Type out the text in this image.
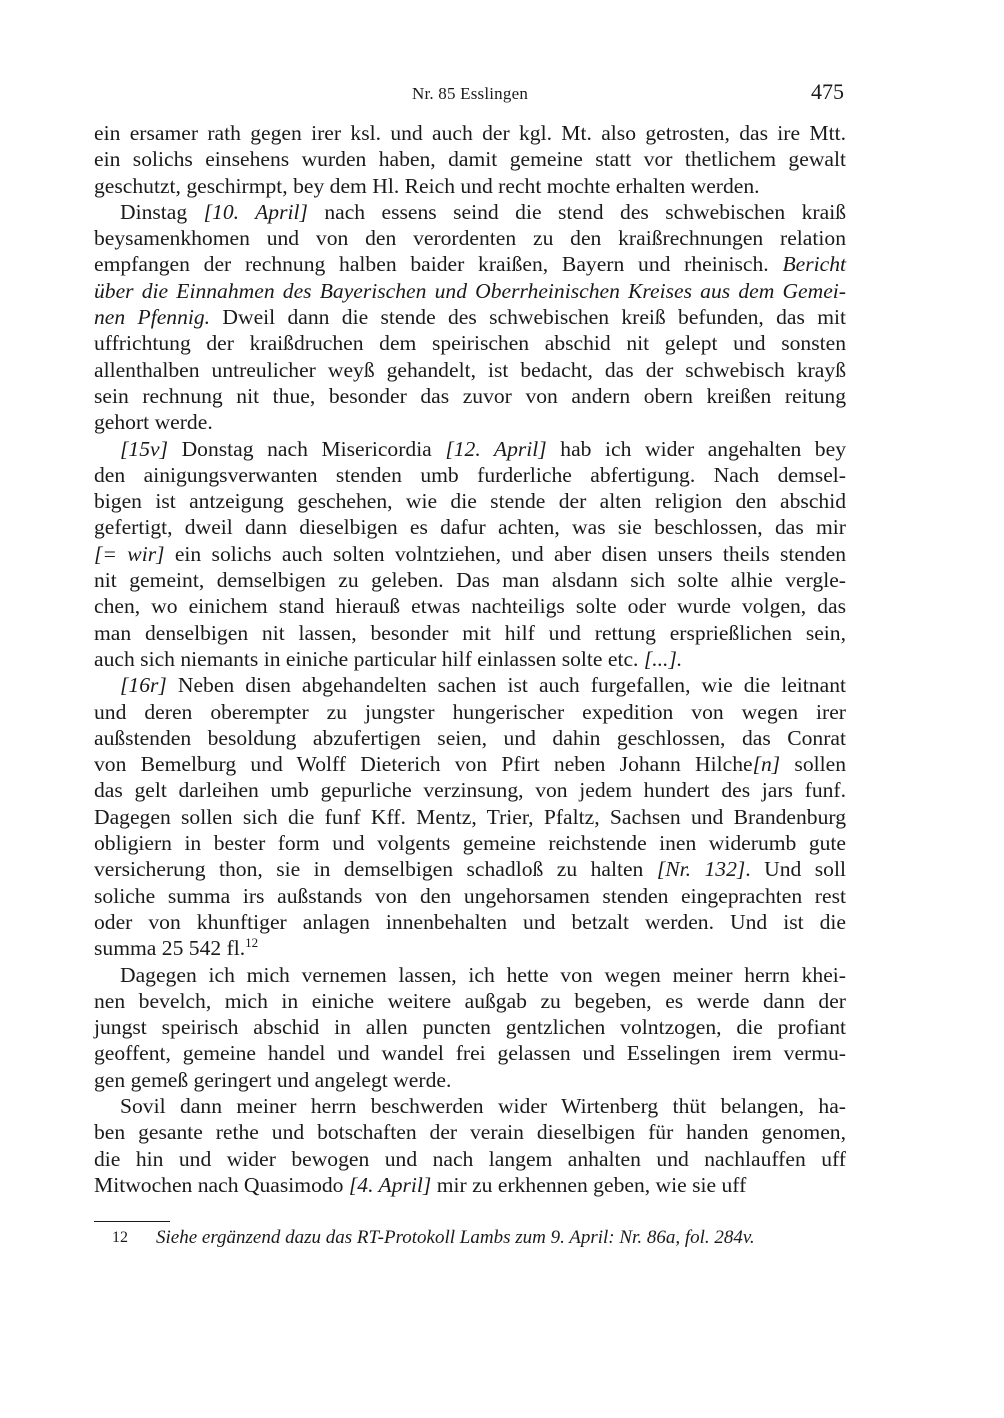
Nr. 85 Esslingen	475

ein ersamer rath gegen irer ksl. und auch der kgl. Mt. also getrosten, das ire Mtt.
ein solichs einsehens wurden haben, damit gemeine statt vor thetlichem gewalt
geschutzt, geschirmpt, bey dem Hl. Reich und recht mochte erhalten werden.

Dinstag [10. April] nach essens seind die stend des schwebischen kraiß
beysamenkhomen und von den verordenten zu den kraißrechnungen relation
empfangen der rechnung halben baider kraißen, Bayern und rheinisch. Bericht
über die Einnahmen des Bayerischen und Oberrheinischen Kreises aus dem Gemei-
nen Pfennig. Dweil dann die stende des schwebischen kreiß befunden, das mit
uffrichtung der kraißdruchen dem speirischen abschid nit gelept und sonsten
allenthalben untreulicher weyß gehandelt, ist bedacht, das der schwebisch krayß
sein rechnung nit thue, besonder das zuvor von andern obern kreißen reitung
gehort werde.

[15v] Donstag nach Misericordia [12. April] hab ich wider angehalten bey
den ainigungsverwanten stenden umb furderliche abfertigung. Nach demsel-
bigen ist antzeigung geschehen, wie die stende der alten religion den abschid
gefertigt, dweil dann dieselbigen es dafur achten, was sie beschlossen, das mir
[= wir] ein solichs auch solten volntziehen, und aber disen unsers theils stenden
nit gemeint, demselbigen zu geleben. Das man alsdann sich solte alhie vergle-
chen, wo einichem stand hierauß etwas nachteiligs solte oder wurde volgen, das
man denselbigen nit lassen, besonder mit hilf und rettung ersprießlichen sein,
auch sich niemants in einiche particular hilf einlassen solte etc. [...].

[16r] Neben disen abgehandelten sachen ist auch furgefallen, wie die leitnant
und deren oberempter zu jungster hungerischer expedition von wegen irer
außstenden besoldung abzufertigen seien, und dahin geschlossen, das Conrat
von Bemelburg und Wolff Dieterich von Pfirt neben Johann Hilche[n] sollen
das gelt darleihen umb gepurliche verzinsung, von jedem hundert des jars funf.
Dagegen sollen sich die funf Kff. Mentz, Trier, Pfaltz, Sachsen und Brandenburg
obligiern in bester form und volgents gemeine reichstende inen widerumb gute
versicherung thon, sie in demselbigen schadloß zu halten [Nr. 132]. Und soll
soliche summa irs außstands von den ungehorsamen stenden eingeprachten rest
oder von khunftiger anlagen innenbehalten und betzalt werden. Und ist die
summa 25 542 fl.$^{12}$

Dagegen ich mich vernemen lassen, ich hette von wegen meiner herrn khei-
nen bevelch, mich in einiche weitere außgab zu begeben, es werde dann der
jungst speirisch abschid in allen puncten gentzlichen volntzogen, die profiant
geoffent, gemeine handel und wandel frei gelassen und Esselingen irem vermu-
gen gemeß geringert und angelegt werde.

Sovil dann meiner herrn beschwerden wider Wirtenberg thüt belangen, ha-
ben gesante rethe und botschaften der verain dieselbigen für handen genomen,
die hin und wider bewogen und nach langem anhalten und nachlauffen uff
Mitwochen nach Quasimodo [4. April] mir zu erkhennen geben, wie sie uff

12 Siehe ergänzend dazu das RT-Protokoll Lambs zum 9. April: Nr. 86a, fol. 284v.
